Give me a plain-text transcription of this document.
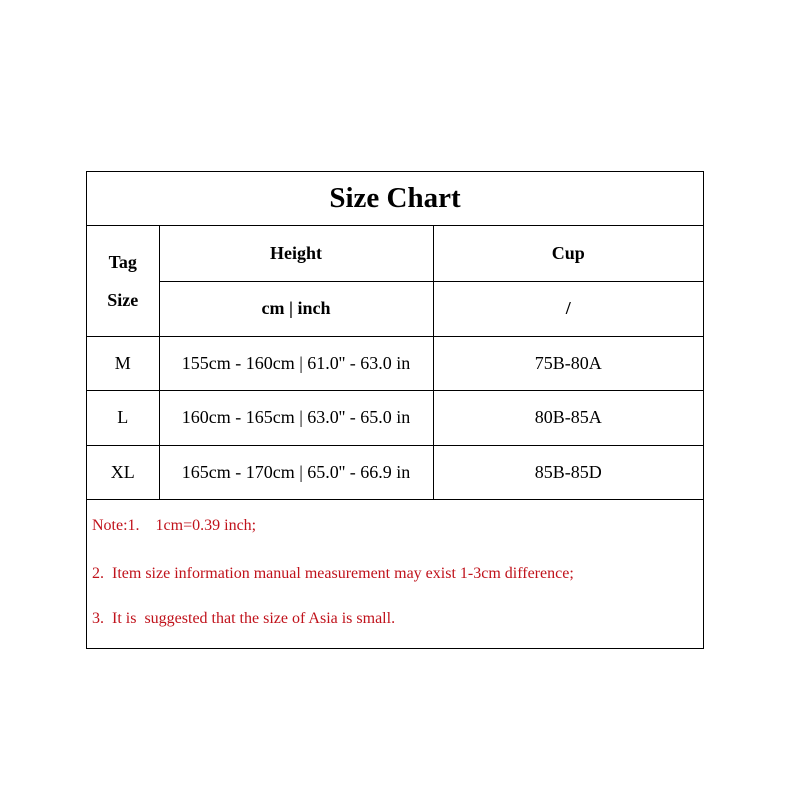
Size Chart
Tag
Size	Height	Cup
	cm | inch	/
M	155cm - 160cm | 61.0'' - 63.0 in	75B-80A
L	160cm - 165cm | 63.0'' - 65.0 in	80B-85A
XL	165cm - 170cm | 65.0'' - 66.9 in	85B-85D
Note:1.    1cm=0.39 inch;
2.  Item size information manual measurement may exist 1-3cm difference;
3.  It is  suggested that the size of Asia is small.
